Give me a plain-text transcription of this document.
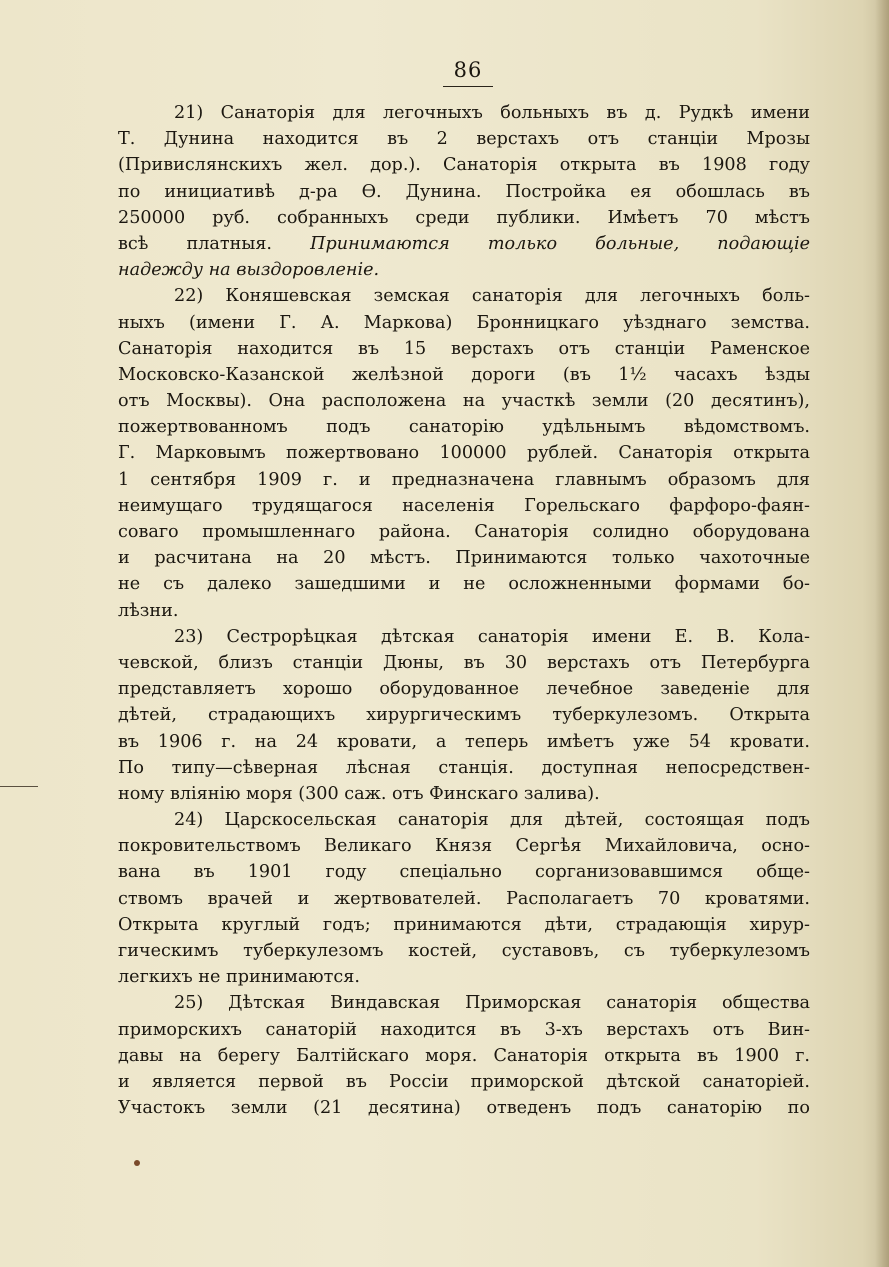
86
21) Санаторія для легочныхъ больныхъ въ д. Рудкѣ имени
Т. Дунина находится въ 2 верстахъ отъ станціи Мрозы
(Привислянскихъ жел. дор.). Санаторія открыта въ 1908 году
по инициативѣ д-ра Ѳ. Дунина. Постройка ея обошлась въ
250000 руб. собранныхъ среди публики. Имѣетъ 70 мѣстъ
всѣ платныя. Принимаются только больные, подающіе
надежду на выздоровленіе.
22) Коняшевская земская санаторія для легочныхъ боль-
ныхъ (имени Г. А. Маркова) Бронницкаго уѣзднаго земства.
Санаторія находится въ 15 верстахъ отъ станціи Раменское
Московско-Казанской желѣзной дороги (въ 1½ часахъ ѣзды
отъ Москвы). Она расположена на участкѣ земли (20 десятинъ),
пожертвованномъ подъ санаторію удѣльнымъ вѣдомствомъ.
Г. Марковымъ пожертвовано 100000 рублей. Санаторія открыта
1 сентября 1909 г. и предназначена главнымъ образомъ для
неимущаго трудящагося населенія Горельскаго фарфоро-фаян-
соваго промышленнаго района. Санаторія солидно оборудована
и расчитана на 20 мѣстъ. Принимаются только чахоточные
не съ далеко зашедшими и не осложненными формами бо-
лѣзни.
23) Сестрорѣцкая дѣтская санаторія имени Е. В. Кола-
чевской, близъ станціи Дюны, въ 30 верстахъ отъ Петербурга
представляетъ хорошо оборудованное лечебное заведеніе для
дѣтей, страдающихъ хирургическимъ туберкулезомъ. Открыта
въ 1906 г. на 24 кровати, а теперь имѣетъ уже 54 кровати.
По типу—сѣверная лѣсная станція. доступная непосредствен-
ному вліянію моря (300 саж. отъ Финскаго залива).
24) Царскосельская санаторія для дѣтей, состоящая подъ
покровительствомъ Великаго Князя Сергѣя Михайловича, осно-
вана въ 1901 году спеціально сорганизовавшимся обще-
ствомъ врачей и жертвователей. Располагаетъ 70 кроватями.
Открыта круглый годъ; принимаются дѣти, страдающія хирур-
гическимъ туберкулезомъ костей, суставовъ, съ туберкулезомъ
легкихъ не принимаются.
25) Дѣтская Виндавская Приморская санаторія общества
приморскихъ санаторій находится въ 3-хъ верстахъ отъ Вин-
давы на берегу Балтійскаго моря. Санаторія открыта въ 1900 г.
и является первой въ Россіи приморской дѣтской санаторіей.
Участокъ земли (21 десятина) отведенъ подъ санаторію по
